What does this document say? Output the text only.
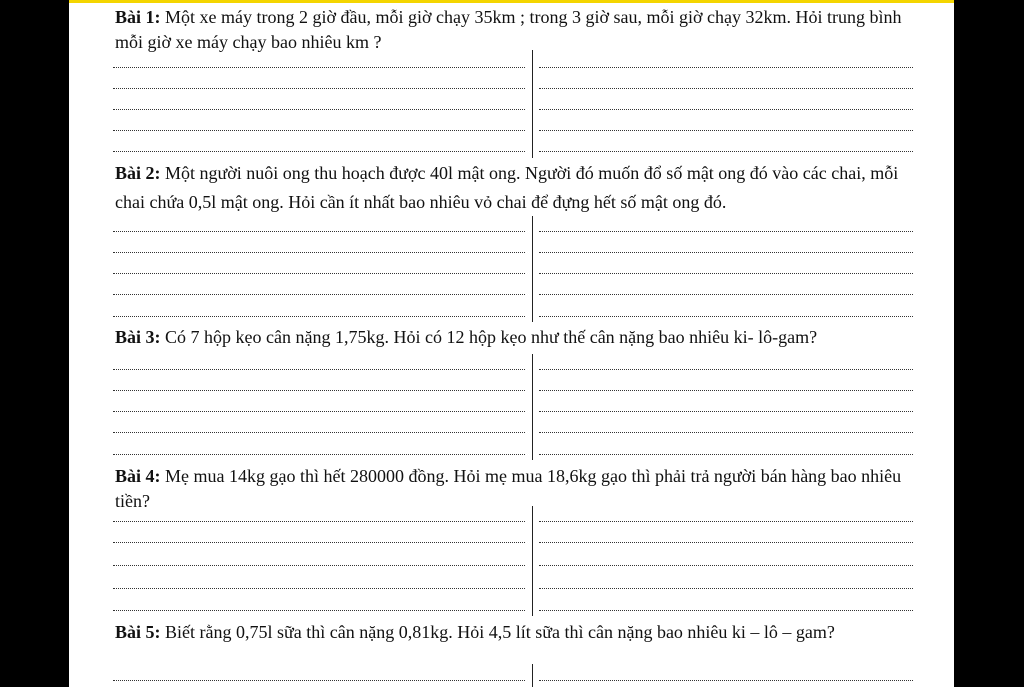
Bài 1: Một xe máy trong 2 giờ đầu, mỗi giờ chạy 35km ; trong 3 giờ sau, mỗi giờ chạy 32km. Hỏi trung bình mỗi giờ xe máy chạy bao nhiêu km ?
Bài 2: Một người nuôi ong thu hoạch được 40l mật ong. Người đó muốn đổ số mật ong đó vào các chai, mỗi chai chứa 0,5l mật ong. Hỏi cần ít nhất bao nhiêu vỏ chai để đựng hết số mật ong đó.
Bài 3: Có 7 hộp kẹo cân nặng 1,75kg. Hỏi có 12 hộp kẹo như thế cân nặng bao nhiêu ki- lô-gam?
Bài 4: Mẹ mua 14kg gạo thì hết 280000 đồng. Hỏi mẹ mua 18,6kg gạo thì phải trả người bán hàng bao nhiêu tiền?
Bài 5: Biết rằng 0,75l sữa thì cân nặng 0,81kg. Hỏi 4,5 lít sữa thì cân nặng bao nhiêu ki – lô – gam?
